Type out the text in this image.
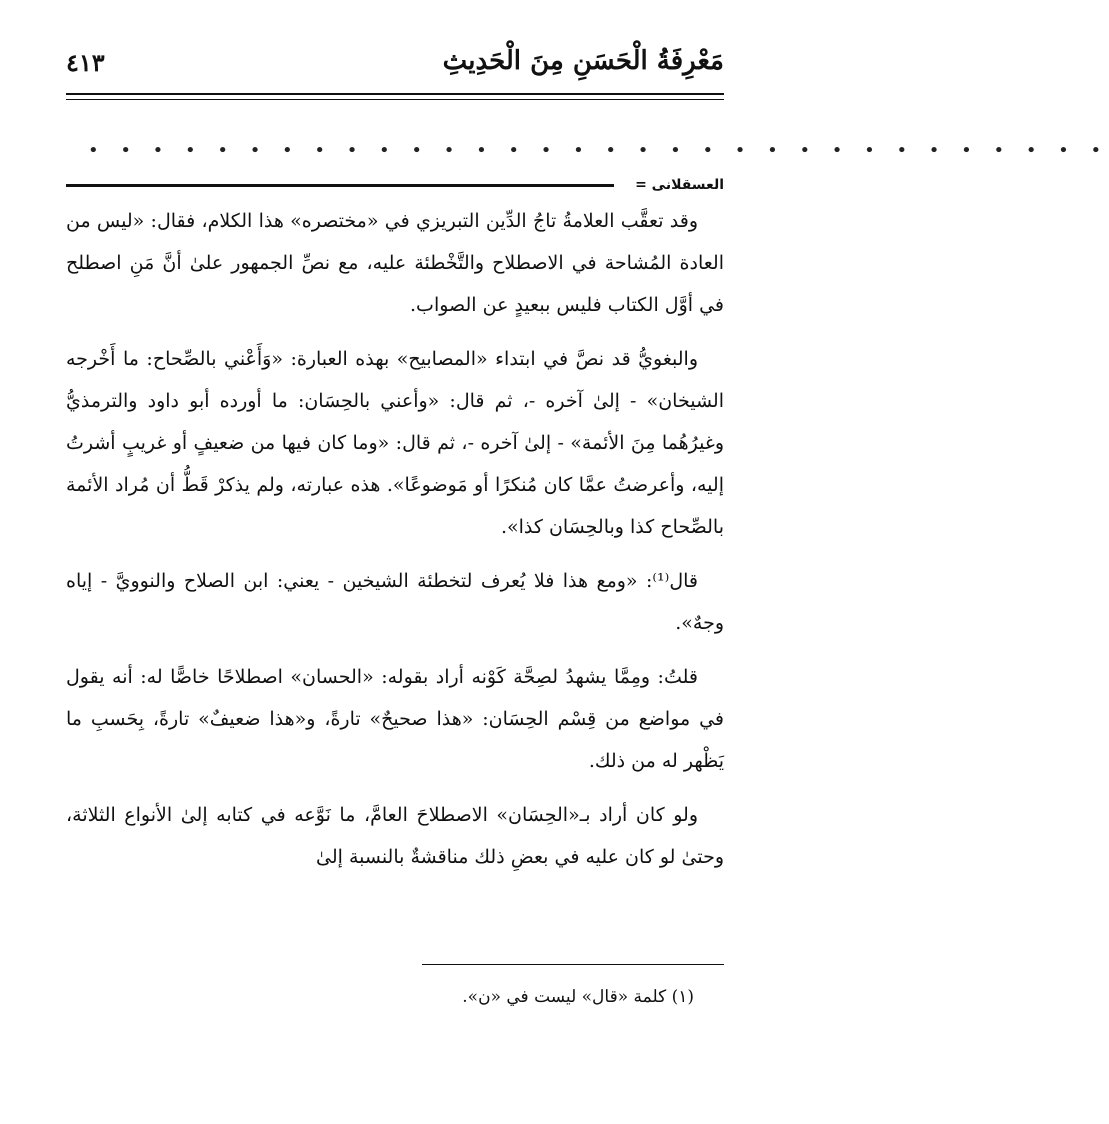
مَعْرِفَةُ الْحَسَنِ مِنَ الْحَدِيثِ
٤١٣
• • • • • • • • • • • • • • • • • • • • • • • • • • • • • • • •
العسقلانى =

وقد تعقَّب العلامةُ تاجُ الدِّين التبريزي في «مختصره» هذا الكلام، فقال: «ليس من العادة المُشاحة في الاصطلاح والتَّخْطئة عليه، مع نصِّ الجمهور علىٰ أنَّ مَنِ اصطلح في أوَّل الكتاب فليس ببعيدٍ عن الصواب.

والبغويُّ قد نصَّ في ابتداء «المصابيح» بهذه العبارة: «وَأَعْني بالصِّحاح: ما أَخْرجه الشيخان» - إلىٰ آخره -، ثم قال: «وأعني بالحِسَان: ما أورده أبو داود والترمذيُّ وغيرُهُما مِنَ الأئمة» - إلىٰ آخره -، ثم قال: «وما كان فيها من ضعيفٍ أو غريبٍ أشرتُ إليه، وأعرضتُ عمَّا كان مُنكرًا أو مَوضوعًا». هذه عبارته، ولم يذكرْ قَطُّ أن مُراد الأئمة بالصِّحاح كذا وبالحِسَان كذا».

قال⁽¹⁾: «ومع هذا فلا يُعرف لتخطئة الشيخين - يعني: ابن الصلاح والنوويَّ - إياه وجهٌ».

قلتُ: ومِمَّا يشهدُ لصِحَّة كَوْنه أراد بقوله: «الحسان» اصطلاحًا خاصًّا له: أنه يقول في مواضع من قِسْم الحِسَان: «هذا صحيحٌ» تارةً، و«هذا ضعيفٌ» تارةً، بِحَسبِ ما يَظْهر له من ذلك.

ولو كان أراد بـ«الحِسَان» الاصطلاحَ العامَّ، ما نَوَّعه في كتابه إلىٰ الأنواع الثلاثة، وحتىٰ لو كان عليه في بعضِ ذلك مناقشةٌ بالنسبة إلىٰ

(١) كلمة «قال» ليست في «ن».
